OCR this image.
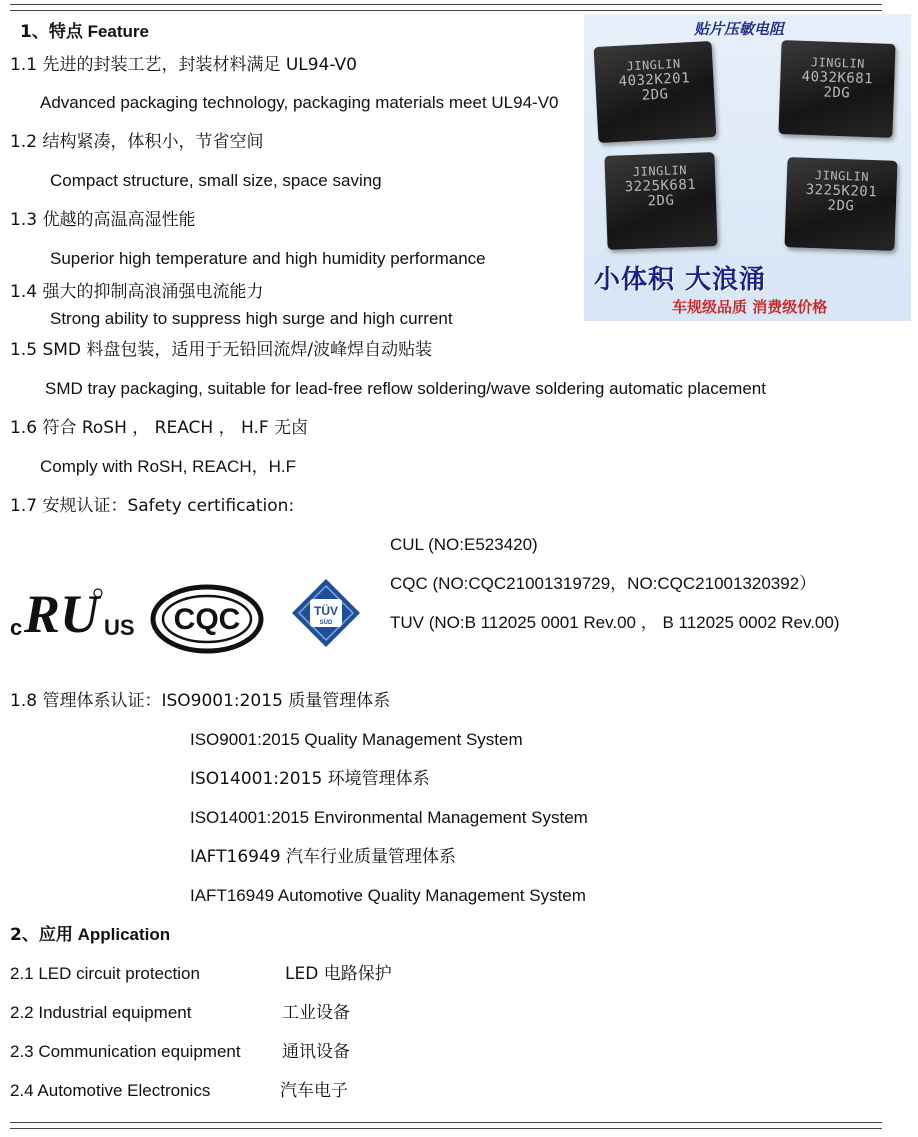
1、特点 Feature
1.1 先进的封装工艺，封装材料满足 UL94-V0
Advanced packaging technology, packaging materials meet UL94-V0
1.2 结构紧凑，体积小，节省空间
Compact structure, small size, space saving
1.3 优越的高温高湿性能
Superior high temperature and high humidity performance
1.4 强大的抑制高浪涌强电流能力
Strong ability to suppress high surge and high current
1.5 SMD 料盘包装，适用于无铅回流焊/波峰焊自动贴装
SMD tray packaging, suitable for lead-free reflow soldering/wave soldering automatic placement
1.6 符合 RoSH ， REACH ， H.F 无卤
Comply with RoSH, REACH，H.F
1.7 安规认证：Safety certification:
CUL (NO:E523420)
CQC (NO:CQC21001319729，NO:CQC21001320392）
TUV (NO:B 112025 0001 Rev.00 ， B 112025 0002 Rev.00)
c RU US CQC	TÜV
SÜD
1.8 管理体系认证：ISO9001:2015 质量管理体系
ISO9001:2015 Quality Management System
ISO14001:2015 环境管理体系
ISO14001:2015 Environmental Management System
IAFT16949 汽车行业质量管理体系
IAFT16949 Automotive Quality Management System
2、应用 Application
2.1 LED circuit protection	LED 电路保护
2.2 Industrial equipment	工业设备
2.3 Communication equipment 通讯设备
2.4 Automotive Electronics	汽车电子
贴片压敏电阻
JINGLIN
4032K201
2DG
JINGLIN
4032K681
2DG
JINGLIN
3225K681
2DG
JINGLIN
3225K201
2DG
小体积 大浪涌
车规级品质 消费级价格
